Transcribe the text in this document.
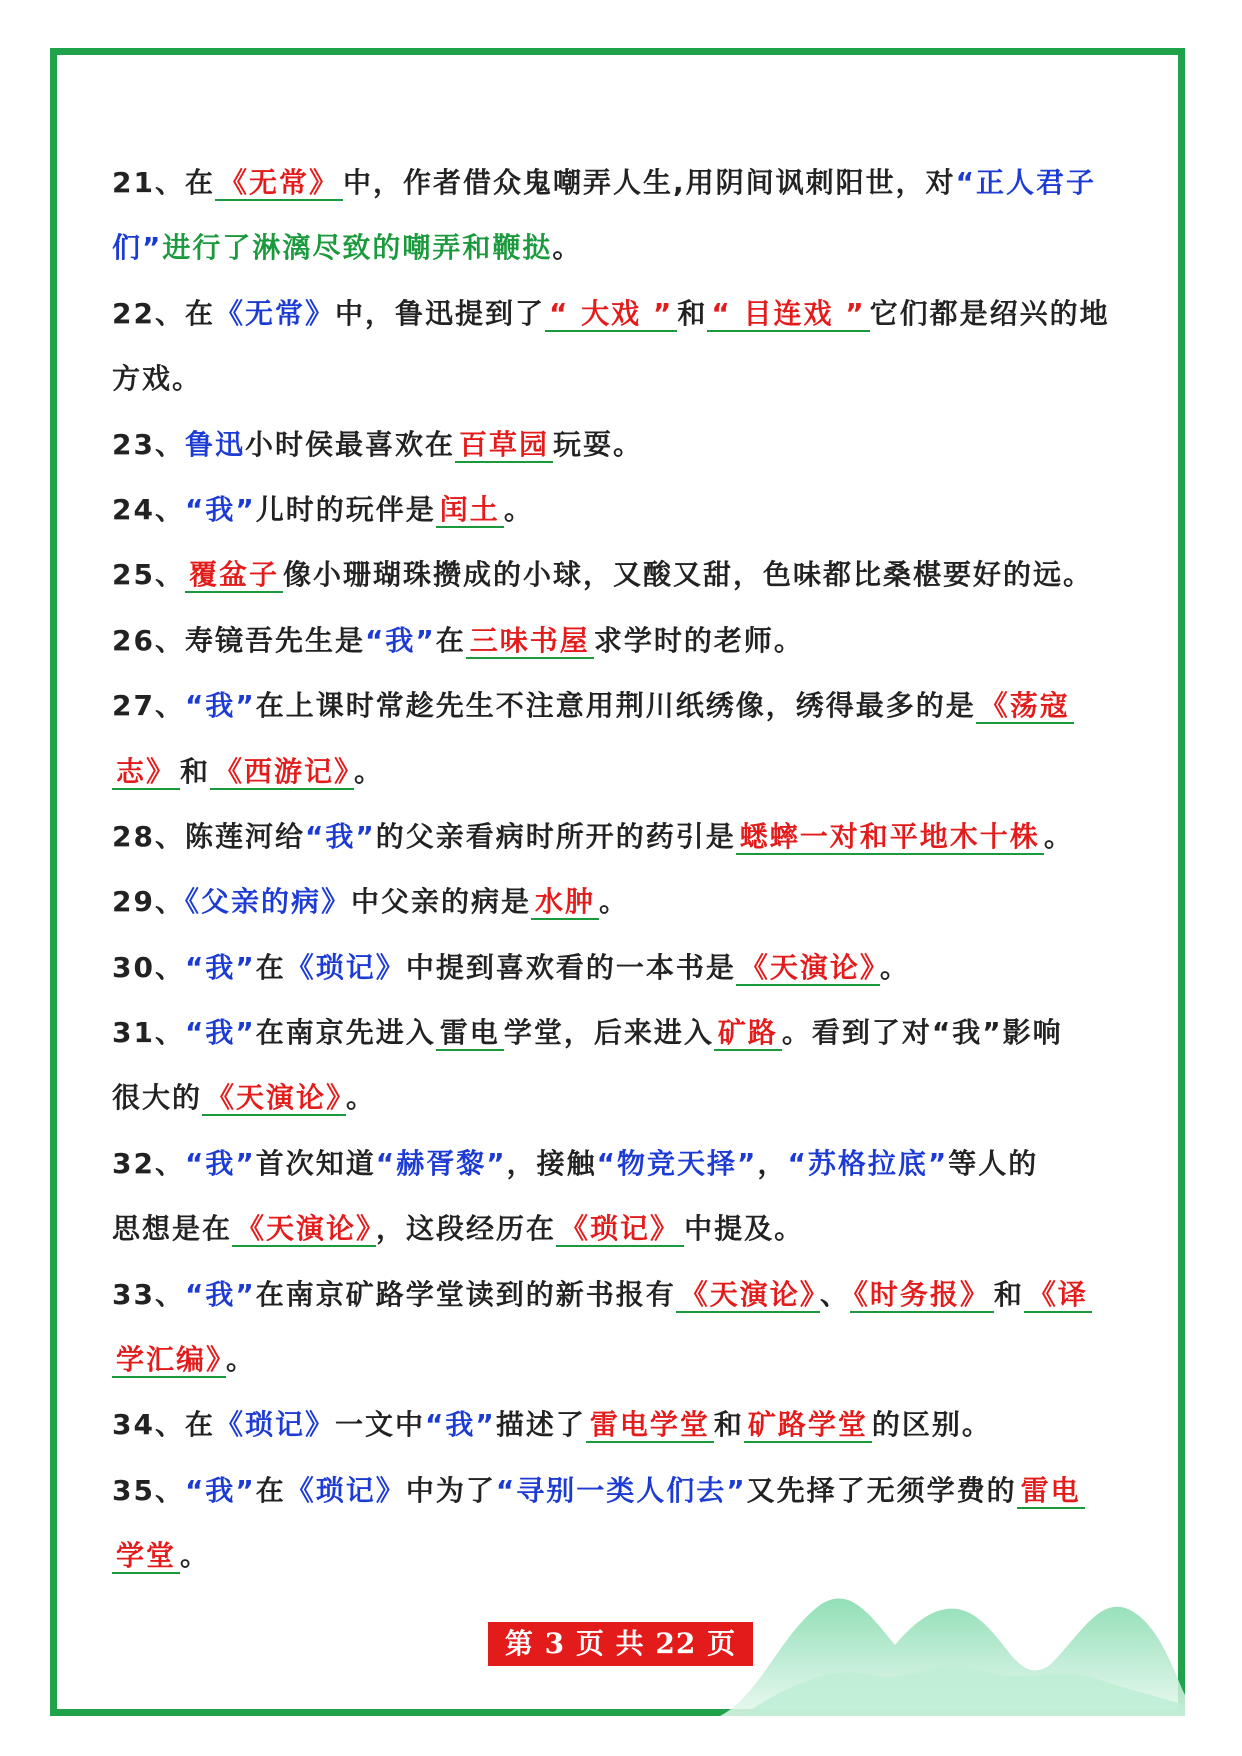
21、在 《无常》 中，作者借众鬼嘲弄人生,用阴间讽刺阳世，对“正人君子
们”进行了淋漓尽致的嘲弄和鞭挞。
22、在《无常》中，鲁迅提到了 “ 大戏 ” 和 “ 目连戏 ” 它们都是绍兴的地
方戏。
23、鲁迅小时侯最喜欢在 百草园 玩耍。
24、“我”儿时的玩伴是 闰土 。
25、 覆盆子 像小珊瑚珠攒成的小球，又酸又甜，色味都比桑椹要好的远。
26、寿镜吾先生是“我”在 三味书屋 求学时的老师。
27、“我”在上课时常趁先生不注意用荆川纸绣像，绣得最多的是 《荡寇
志》 和 《西游记》 。
28、陈莲河给“我”的父亲看病时所开的药引是 蟋蟀一对和平地木十株 。
29、《父亲的病》中父亲的病是 水肿 。
30、“我”在《琐记》中提到喜欢看的一本书是 《天演论》 。
31、“我”在南京先进入 雷电 学堂，后来进入 矿路 。看到了对“我”影响
很大的 《天演论》 。
32、“我”首次知道“赫胥黎”，接触“物竞天择”，“苏格拉底”等人的
思想是在 《天演论》 ，这段经历在 《琐记》 中提及。
33、“我”在南京矿路学堂读到的新书报有 《天演论》 、 《时务报》 和 《译
学汇编》 。
34、在《琐记》一文中“我”描述了 雷电学堂 和 矿路学堂 的区别。
35、“我”在《琐记》中为了“寻别一类人们去”又先择了无须学费的 雷电
学堂 。
第 3 页 共 22 页
